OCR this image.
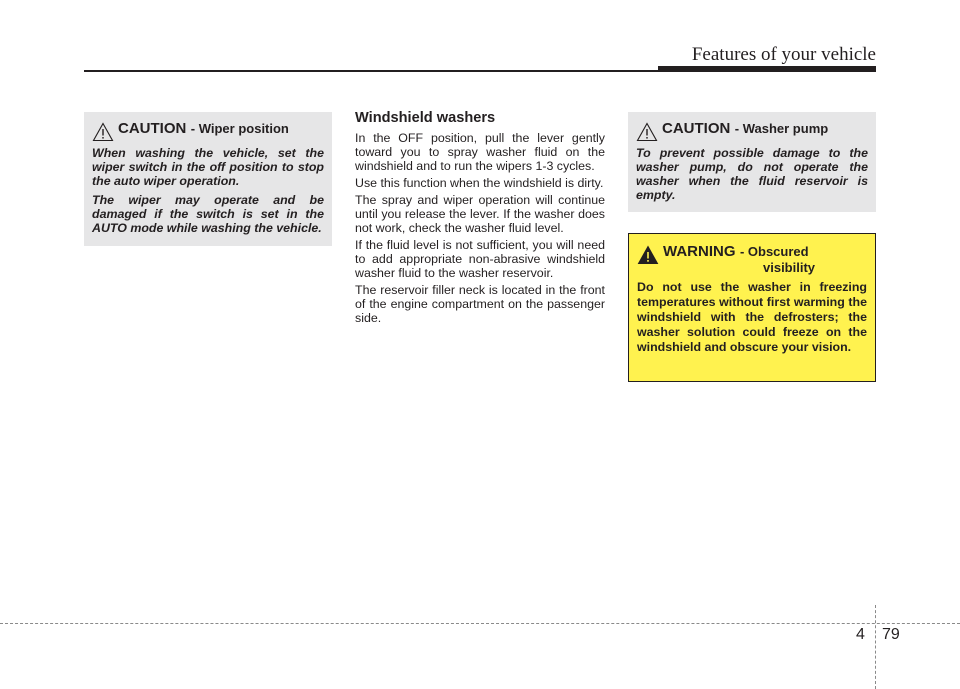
Features of your vehicle
CAUTION - Wiper position

When washing the vehicle, set the wiper switch in the off position to stop the auto wiper operation.

The wiper may operate and be damaged if the switch is set in the AUTO mode while washing the vehicle.

Windshield washers

In the OFF position, pull the lever gently toward you to spray washer fluid on the windshield and to run the wipers 1-3 cycles.

Use this function when the windshield is dirty.

The spray and wiper operation will continue until you release the lever. If the washer does not work, check the washer fluid level.

If the fluid level is not sufficient, you will need to add appropriate non-abrasive windshield washer fluid to the washer reservoir.

The reservoir filler neck is located in the front of the engine compartment on the passenger side.

CAUTION - Washer pump

To prevent possible damage to the washer pump, do not operate the washer when the fluid reservoir is empty.

WARNING - Obscured
visibility

Do not use the washer in freezing temperatures without first warming the windshield with the defrosters; the washer solution could freeze on the windshield and obscure your vision.

4 79
